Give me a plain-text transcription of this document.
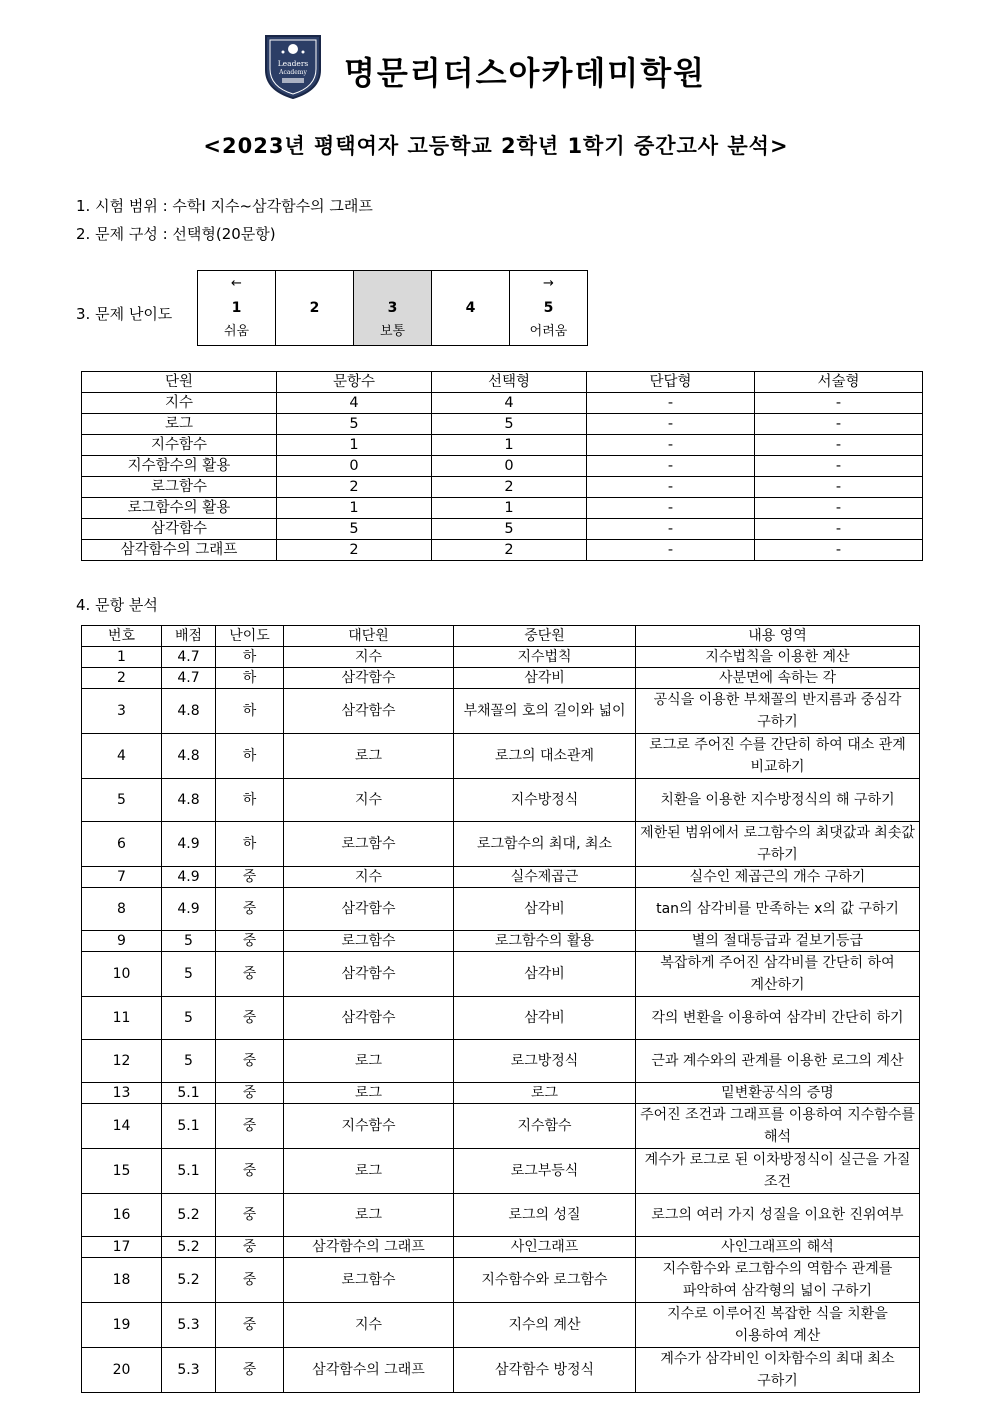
Leaders
Academy 명문리더스아카데미학원
<2023년 평택여자 고등학교 2학년 1학기 중간고사 분석>
1. 시험 범위 : 수학Ⅰ 지수~삼각함수의 그래프
2. 문제 구성 : 선택형(20문항)
3. 문제 난이도
←
1
쉬움

2	3
보통

4

→
5
어려움
단원	문항수	선택형	단답형	서술형
지수	4	4	-	-
로그	5	5	-	-
지수함수	1	1	-	-
지수함수의 활용	0	0	-	-
로그함수	2	2	-	-
로그함수의 활용	1	1	-	-
삼각함수	5	5	-	-
삼각함수의 그래프	2	2	-	-
4. 문항 분석
번호	배점	난이도	대단원	중단원	내용 영역
1	4.7	하	지수	지수법칙	지수법칙을 이용한 계산
2	4.7	하	삼각함수	삼각비	사분면에 속하는 각
3	4.8	하	삼각함수	부채꼴의 호의 길이와 넓이	공식을 이용한 부채꼴의 반지름과 중심각 구하기
4	4.8	하	로그	로그의 대소관계	로그로 주어진 수를 간단히 하여 대소 관계 비교하기
5	4.8	하	지수	지수방정식	치환을 이용한 지수방정식의 해 구하기
6	4.9	하	로그함수	로그함수의 최대, 최소	제한된 범위에서 로그함수의 최댓값과 최솟값 구하기
7	4.9	중	지수	실수제곱근	실수인 제곱근의 개수 구하기
8	4.9	중	삼각함수	삼각비	tan의 삼각비를 만족하는 x의 값 구하기
9	5	중	로그함수	로그함수의 활용	별의 절대등급과 겉보기등급
10	5	중	삼각함수	삼각비	복잡하게 주어진 삼각비를 간단히 하여 계산하기
11	5	중	삼각함수	삼각비	각의 변환을 이용하여 삼각비 간단히 하기
12	5	중	로그	로그방정식	근과 계수와의 관계를 이용한 로그의 계산
13	5.1	중	로그	로그	밑변환공식의 증명
14	5.1	중	지수함수	지수함수	주어진 조건과 그래프를 이용하여 지수함수를 해석
15	5.1	중	로그	로그부등식	계수가 로그로 된 이차방정식이 실근을 가질 조건
16	5.2	중	로그	로그의 성질	로그의 여러 가지 성질을 이요한 진위여부
17	5.2	중	삼각함수의 그래프	사인그래프	사인그래프의 해석
18	5.2	중	로그함수	지수함수와 로그함수	지수함수와 로그함수의 역함수 관계를 파악하여 삼각형의 넓이 구하기
19	5.3	중	지수	지수의 계산	지수로 이루어진 복잡한 식을 치환을 이용하여 계산
20	5.3	중	삼각함수의 그래프	삼각함수 방정식	계수가 삼각비인 이차함수의 최대 최소 구하기
